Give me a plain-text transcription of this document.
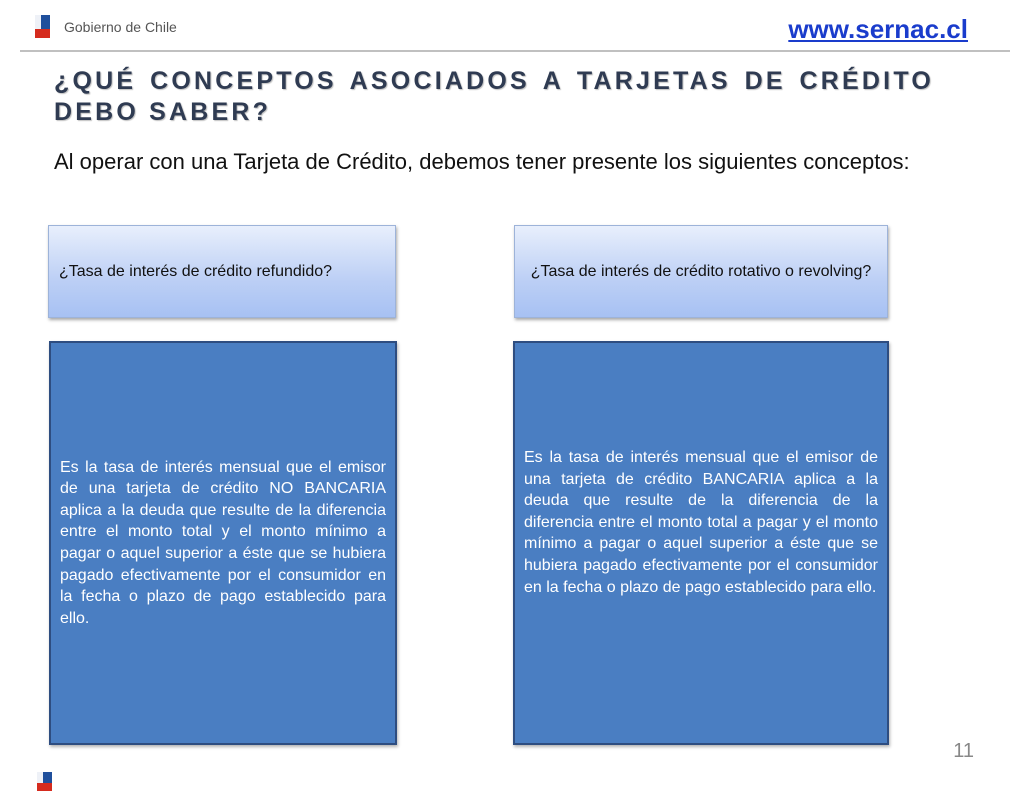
Gobierno de Chile	www.sernac.cl
¿QUÉ CONCEPTOS ASOCIADOS A TARJETAS DE CRÉDITO DEBO SABER?
Al operar con una Tarjeta de Crédito, debemos tener presente los siguientes conceptos:
¿Tasa de interés de crédito refundido?	¿Tasa de interés de crédito rotativo o revolving?
Es la tasa de interés mensual que el emisor de una tarjeta de crédito NO BANCARIA aplica a la deuda que resulte de la diferencia entre el monto total y el monto mínimo a pagar o aquel superior a éste que se hubiera pagado efectivamente por el consumidor en la fecha o plazo de pago establecido para ello.
Es la tasa de interés mensual que el emisor de una tarjeta de crédito BANCARIA aplica a la deuda que resulte de la diferencia de la diferencia entre el monto total a pagar y el monto mínimo a pagar o aquel superior a éste que se hubiera pagado efectivamente por el consumidor en la fecha o plazo de pago establecido para ello.
11
